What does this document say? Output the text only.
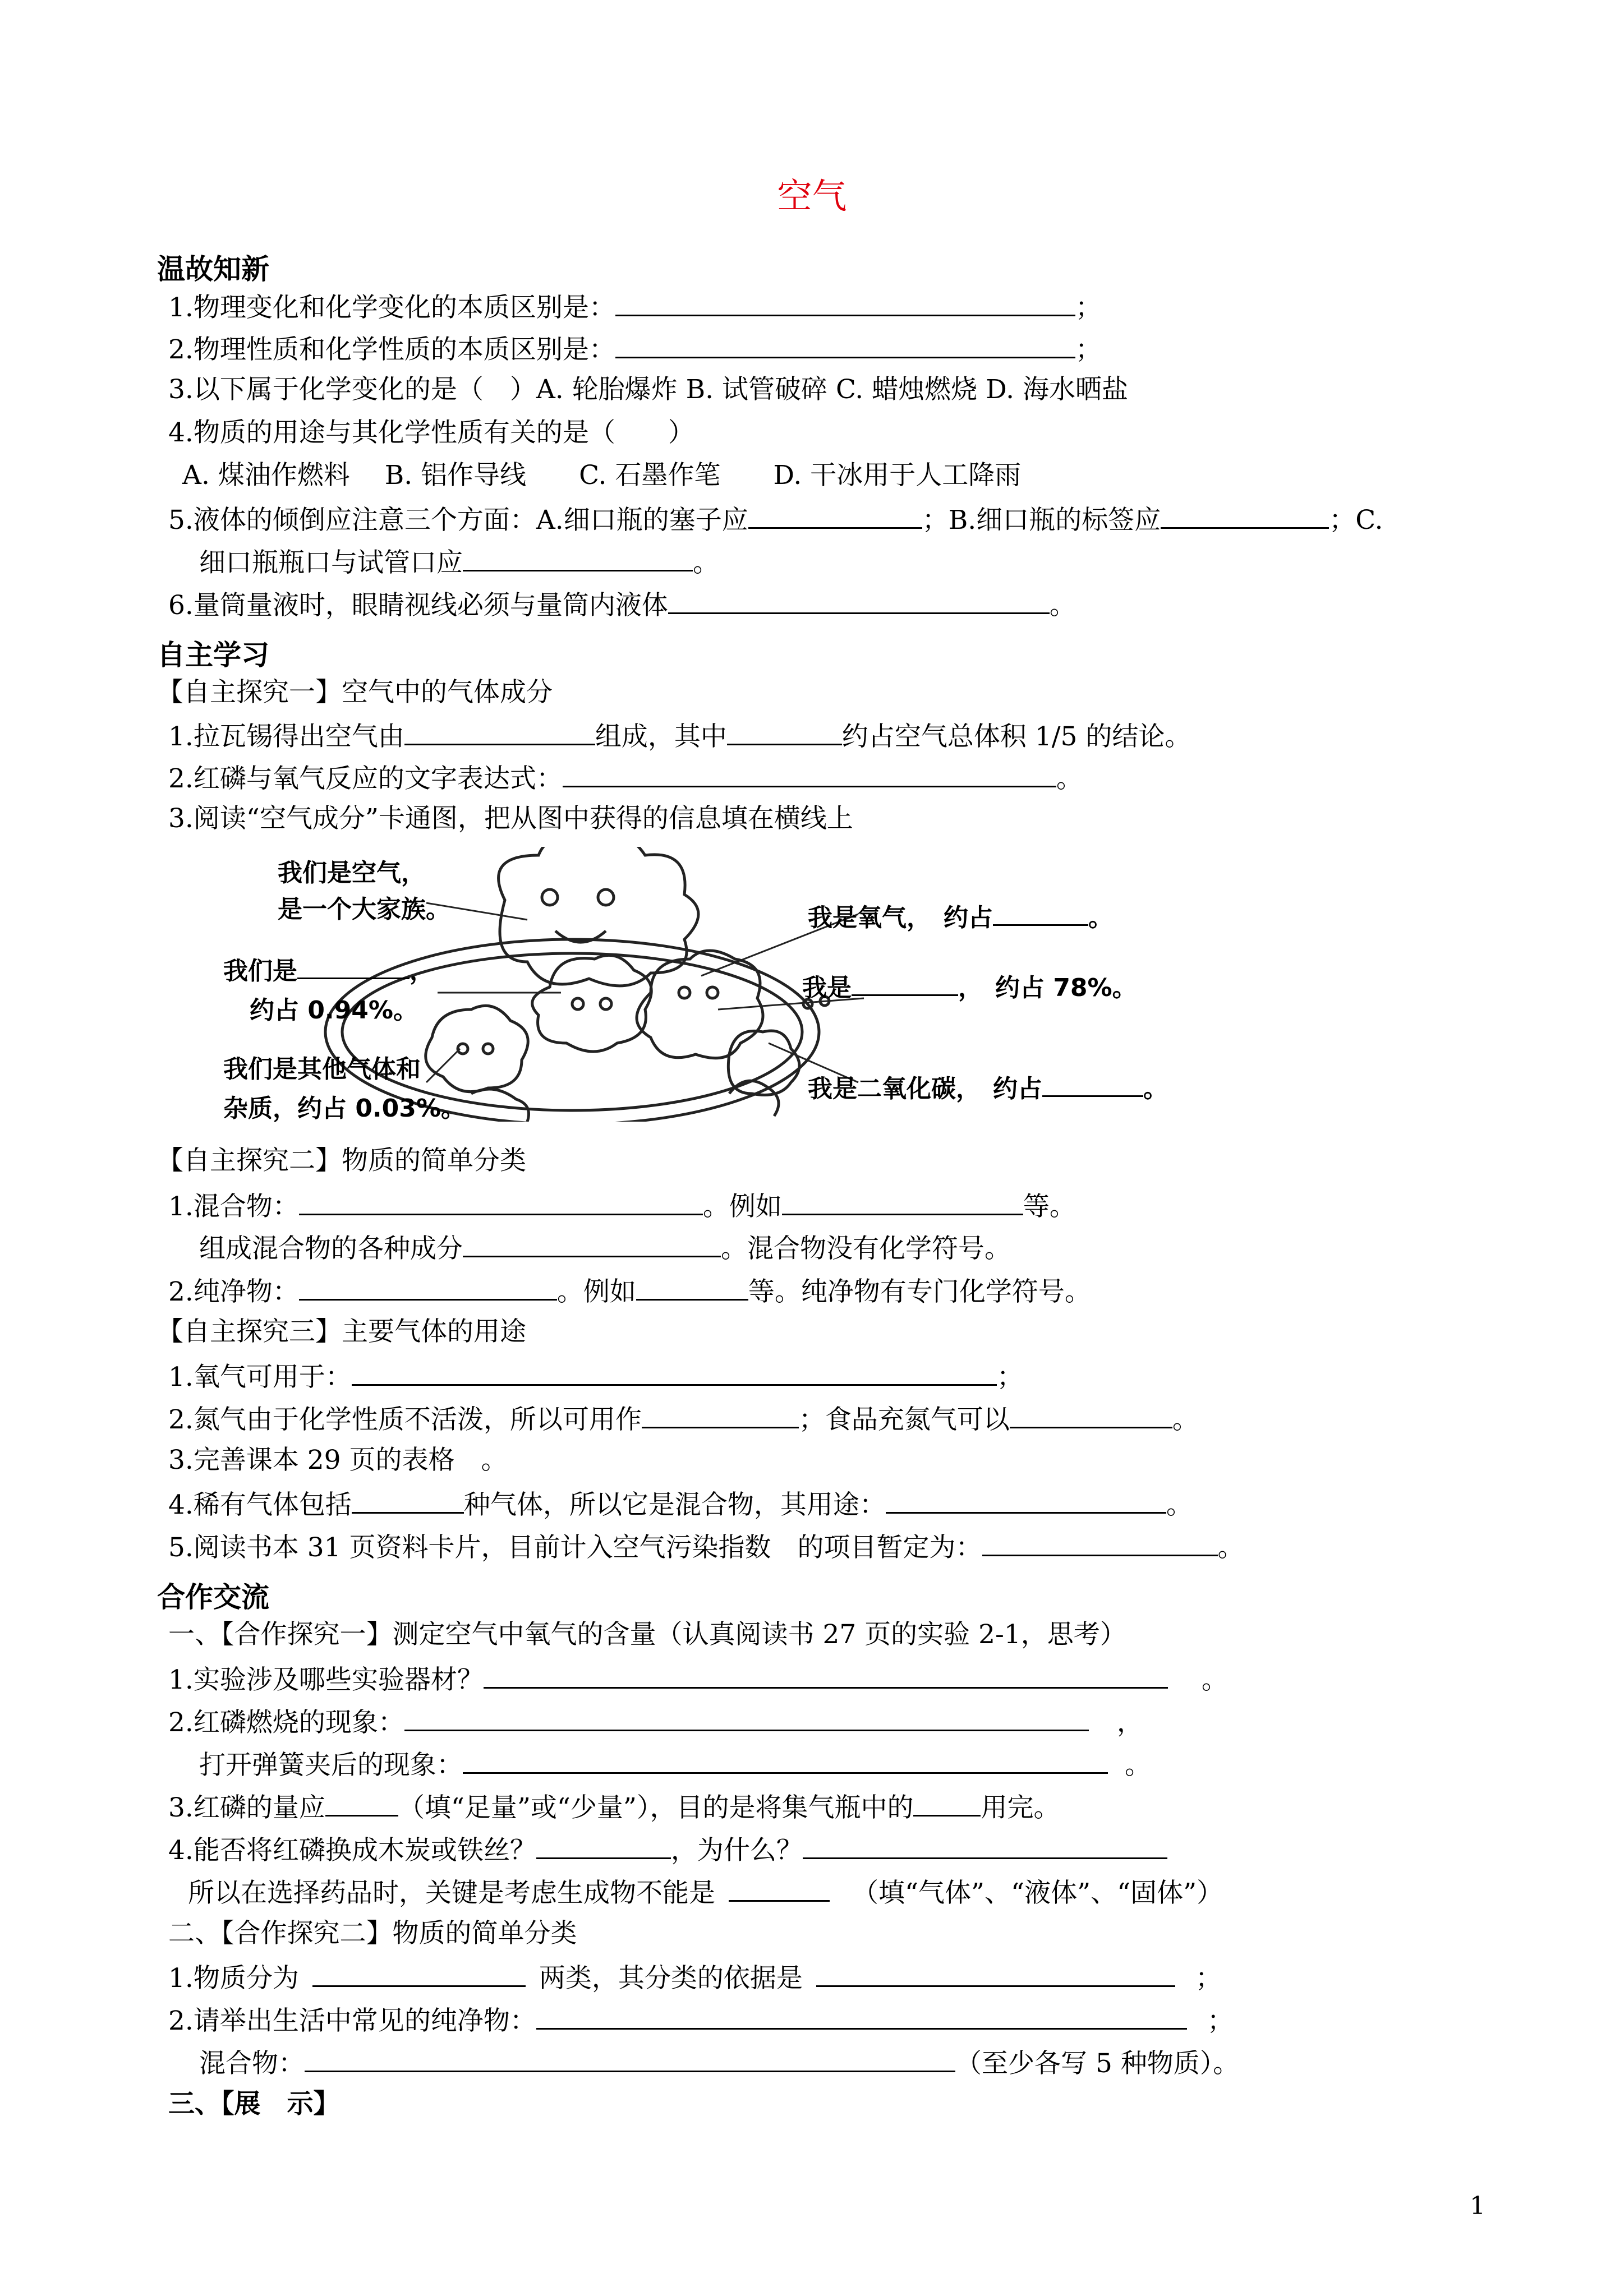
空气
温故知新
1.物理变化和化学变化的本质区别是：	；
2.物理性质和化学性质的本质区别是：	；
3.以下属于化学变化的是（　）A. 轮胎爆炸 B. 试管破碎 C. 蜡烛燃烧 D. 海水晒盐
4.物质的用途与其化学性质有关的是（　　）
A. 煤油作燃料　 B. 铝作导线　　C. 石墨作笔　　D. 干冰用于人工降雨
5.液体的倾倒应注意三个方面：A.细口瓶的塞子应	；B.细口瓶的标签应	；C.
细口瓶瓶口与试管口应	。
6.量筒量液时，眼睛视线必须与量筒内液体	。
自主学习
【自主探究一】空气中的气体成分
1.拉瓦锡得出空气由	组成，其中	约占空气总体积 1/5 的结论。
2.红磷与氧气反应的文字表达式：	。
3.阅读“空气成分”卡通图，把从图中获得的信息填在横线上
我们是空气，
是一个大家族。	我是氧气，　约占	。
我们是	，
约占 0.94%。
我是	，　约占 78%。
我们是其他气体和
杂质，约占 0.03%。
我是二氧化碳，　约占	。
【自主探究二】物质的简单分类
1.混合物：	。例如	等。
组成混合物的各种成分	。混合物没有化学符号。
2.纯净物：	。例如	等。纯净物有专门化学符号。
【自主探究三】主要气体的用途
1.氧气可用于：	；
2.氮气由于化学性质不活泼，所以可用作	；食品充氮气可以	。
3.完善课本 29 页的表格　。
4.稀有气体包括	种气体，所以它是混合物，其用途：	。
5.阅读书本 31 页资料卡片，目前计入空气污染指数　的项目暂定为：	。
合作交流
一、【合作探究一】测定空气中氧气的含量（认真阅读书 27 页的实验 2-1，思考）
1.实验涉及哪些实验器材？	。
2.红磷燃烧的现象：	，
打开弹簧夹后的现象：	。
3.红磷的量应	（填“足量”或“少量”），目的是将集气瓶中的	用完。
4.能否将红磷换成木炭或铁丝？	，为什么？
所以在选择药品时，关键是考虑生成物不能是	（填“气体”、“液体”、“固体”）
二、【合作探究二】物质的简单分类
1.物质分为	两类，其分类的依据是	；
2.请举出生活中常见的纯净物：	；
混合物：	（至少各写 5 种物质）。
三、【展　示】
1
